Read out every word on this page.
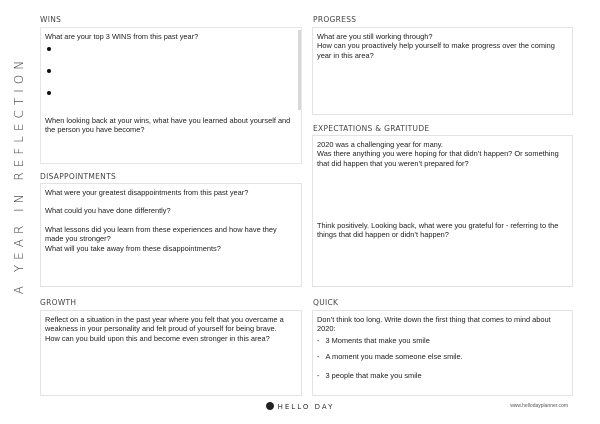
A YEAR IN REFLECTION
WINS

What are your top 3 WINS from this past year?

When looking back at your wins, what have you learned about yourself and the person you have become?

DISAPPOINTMENTS

What were your greatest disappointments from this past year?

What could you have done differently?

What lessons did you learn from these experiences and how have they made you stronger?

What will you take away from these disappointments?

GROWTH

Reflect on a situation in the past year where you felt that you overcame a weakness in your personality and felt proud of yourself for being brave.

How can you build upon this and become even stronger in this area?

PROGRESS

What are you still working through?

How can you proactively help yourself to make progress over the coming year in this area?

EXPECTATIONS & GRATITUDE

2020 was a challenging year for many.

Was there anything you were hoping for that didn’t happen? Or something that did happen that you weren’t prepared for?

Think positively. Looking back, what were you grateful for - referring to the things that did happen or didn’t happen?

QUICK

Don’t think too long. Write down the first thing that comes to mind about 2020:

- 3 Moments that make you smile
- A moment you made someone else smile.
- 3 people that make you smile
HELLO DAY	www.hellodayplanner.com
